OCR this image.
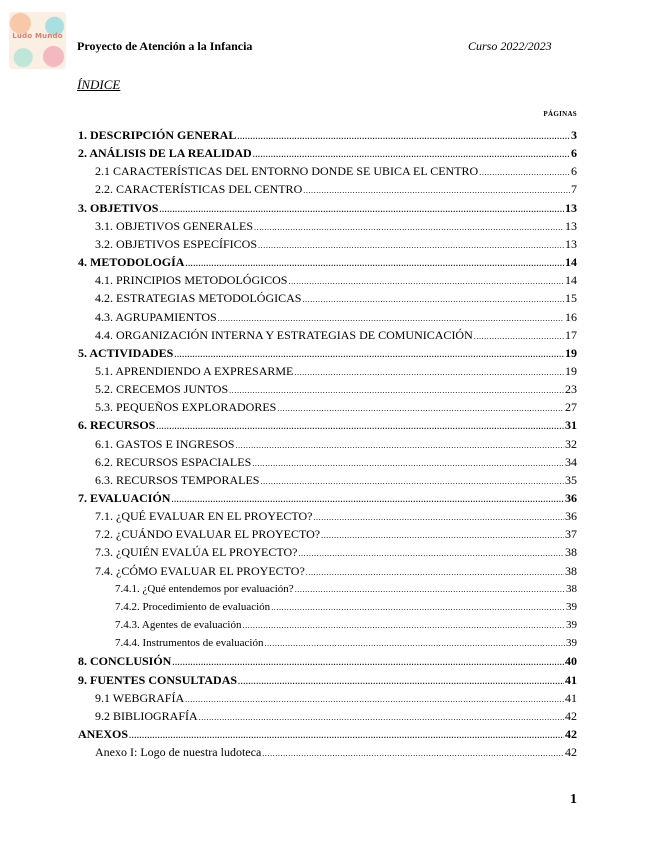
Ludo Mundo
Proyecto de Atención a la Infancia	Curso 2022/2023
ÍNDICE
PÁGINAS
1. DESCRIPCIÓN GENERAL .....	3
2. ANÁLISIS DE LA REALIDAD .....	6
2.1 CARACTERÍSTICAS DEL ENTORNO DONDE SE UBICA EL CENTRO .....	6
2.2. CARACTERÍSTICAS DEL CENTRO .....	7
3. OBJETIVOS .....	13
3.1. OBJETIVOS GENERALES .....	13
3.2. OBJETIVOS ESPECÍFICOS .....	13
4. METODOLOGÍA .....	14
4.1. PRINCIPIOS METODOLÓGICOS .....	14
4.2. ESTRATEGIAS METODOLÓGICAS .....	15
4.3. AGRUPAMIENTOS .....	16
4.4. ORGANIZACIÓN INTERNA Y ESTRATEGIAS DE COMUNICACIÓN .....	17
5. ACTIVIDADES .....	19
5.1. APRENDIENDO A EXPRESARME .....	19
5.2. CRECEMOS JUNTOS .....	23
5.3. PEQUEÑOS EXPLORADORES .....	27
6. RECURSOS .....	31
6.1. GASTOS E INGRESOS .....	32
6.2. RECURSOS ESPACIALES .....	34
6.3. RECURSOS TEMPORALES .....	35
7. EVALUACIÓN .....	36
7.1. ¿QUÉ EVALUAR EN EL PROYECTO? .....	36
7.2. ¿CUÁNDO EVALUAR EL PROYECTO? .....	37
7.3. ¿QUIÉN EVALÚA EL PROYECTO? .....	38
7.4. ¿CÓMO EVALUAR EL PROYECTO? .....	38
7.4.1. ¿Qué entendemos por evaluación? .....	38
7.4.2. Procedimiento de evaluación .....	39
7.4.3. Agentes de evaluación .....	39
7.4.4. Instrumentos de evaluación .....	39
8. CONCLUSIÓN .....	40
9. FUENTES CONSULTADAS .....	41
9.1 WEBGRAFÍA .....	41
9.2 BIBLIOGRAFÍA .....	42
ANEXOS .....	42
Anexo I: Logo de nuestra ludoteca .....	42
1
